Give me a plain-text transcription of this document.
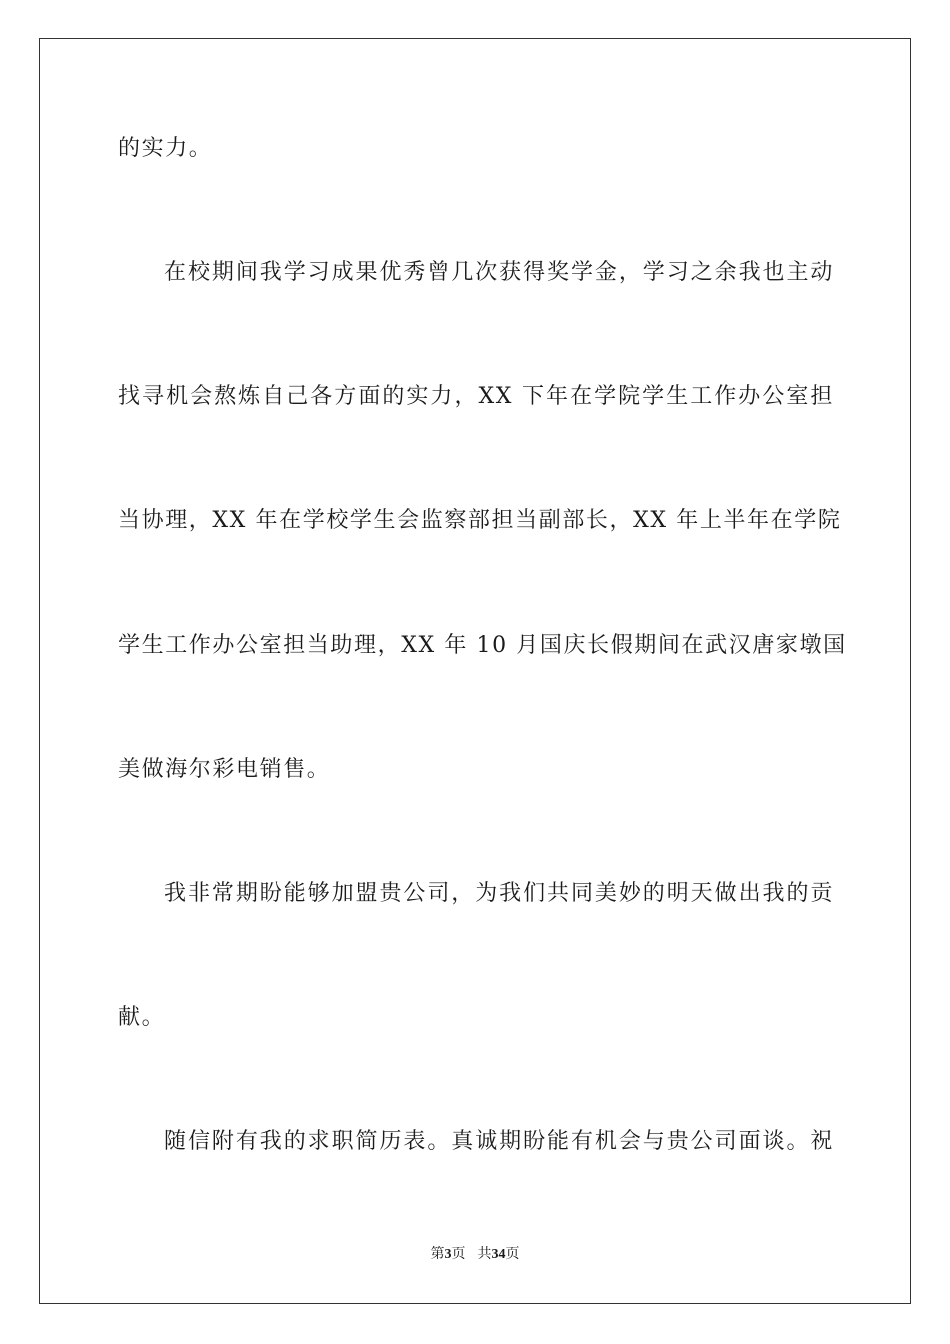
的实力。

在校期间我学习成果优秀曾几次获得奖学金，学习之余我也主动

找寻机会熬炼自己各方面的实力，XX 下年在学院学生工作办公室担

当协理，XX 年在学校学生会监察部担当副部长，XX 年上半年在学院

学生工作办公室担当助理，XX 年 10 月国庆长假期间在武汉唐家墩国

美做海尔彩电销售。

我非常期盼能够加盟贵公司，为我们共同美妙的明天做出我的贡

献。

随信附有我的求职简历表。真诚期盼能有机会与贵公司面谈。祝

第3页 共34页
